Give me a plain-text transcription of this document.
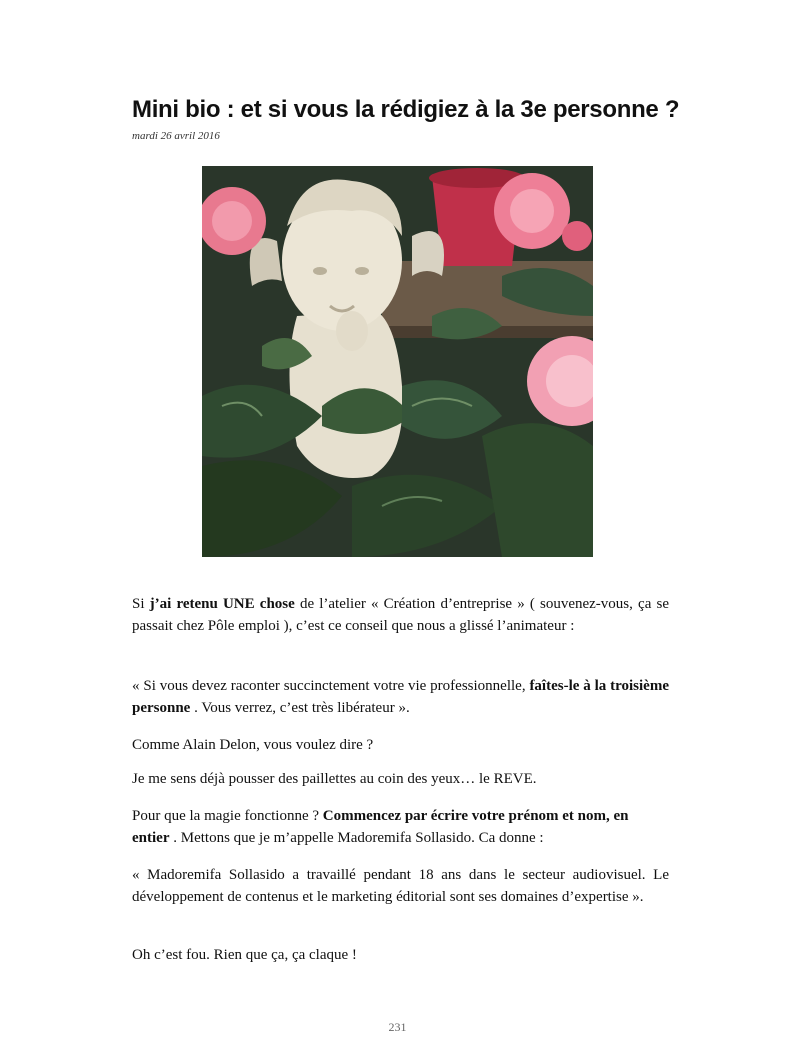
Mini bio : et si vous la rédigiez à la 3e personne ?
mardi 26 avril 2016

Si j’ai retenu UNE chose de l’atelier « Création d’entreprise » ( souvenez-vous, ça se passait chez Pôle emploi ), c’est ce conseil que nous a glissé l’animateur :

« Si vous devez raconter succinctement votre vie professionnelle, faîtes-le à la troisième personne . Vous verrez, c’est très libérateur ».

Comme Alain Delon, vous voulez dire ?

Je me sens déjà pousser des paillettes au coin des yeux… le REVE.

Pour que la magie fonctionne ? Commencez par écrire votre prénom et nom, en entier . Mettons que je m’appelle Madoremifa Sollasido. Ca donne :

« Madoremifa Sollasido a travaillé pendant 18 ans dans le secteur audiovisuel. Le développement de contenus et le marketing éditorial sont ses domaines d’expertise ».

Oh c’est fou. Rien que ça, ça claque !

231
